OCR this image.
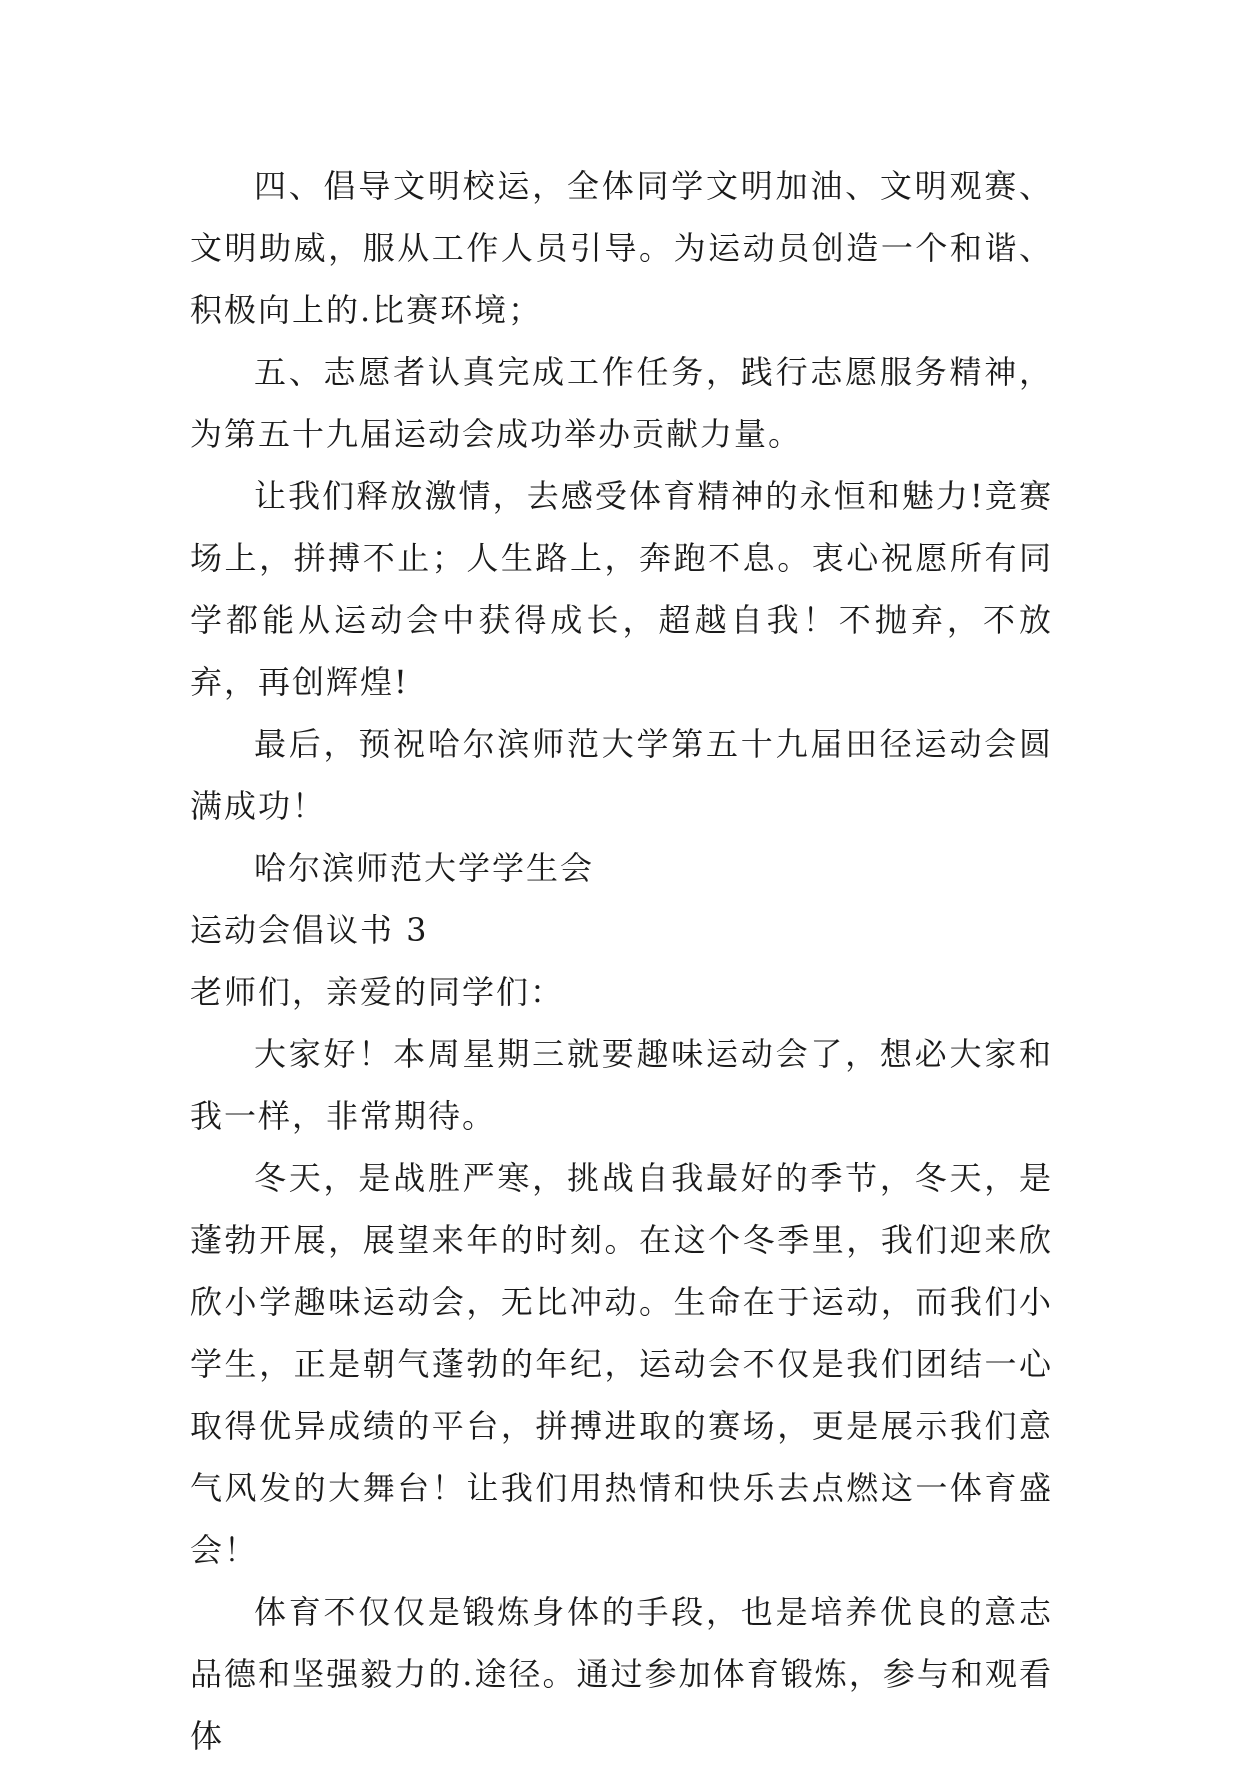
四、倡导文明校运，全体同学文明加油、文明观赛、文明助威，服从工作人员引导。为运动员创造一个和谐、积极向上的.比赛环境；

五、志愿者认真完成工作任务，践行志愿服务精神，为第五十九届运动会成功举办贡献力量。

让我们释放激情，去感受体育精神的永恒和魅力!竞赛场上，拼搏不止；人生路上，奔跑不息。衷心祝愿所有同学都能从运动会中获得成长，超越自我！不抛弃，不放弃，再创辉煌!

最后，预祝哈尔滨师范大学第五十九届田径运动会圆满成功！

哈尔滨师范大学学生会

运动会倡议书 3

老师们，亲爱的同学们：

大家好！本周星期三就要趣味运动会了，想必大家和我一样，非常期待。

冬天，是战胜严寒，挑战自我最好的季节，冬天，是蓬勃开展，展望来年的时刻。在这个冬季里，我们迎来欣欣小学趣味运动会，无比冲动。生命在于运动，而我们小学生，正是朝气蓬勃的年纪，运动会不仅是我们团结一心取得优异成绩的平台，拼搏进取的赛场，更是展示我们意气风发的大舞台！让我们用热情和快乐去点燃这一体育盛会！

体育不仅仅是锻炼身体的手段，也是培养优良的意志品德和坚强毅力的.途径。通过参加体育锻炼，参与和观看体
